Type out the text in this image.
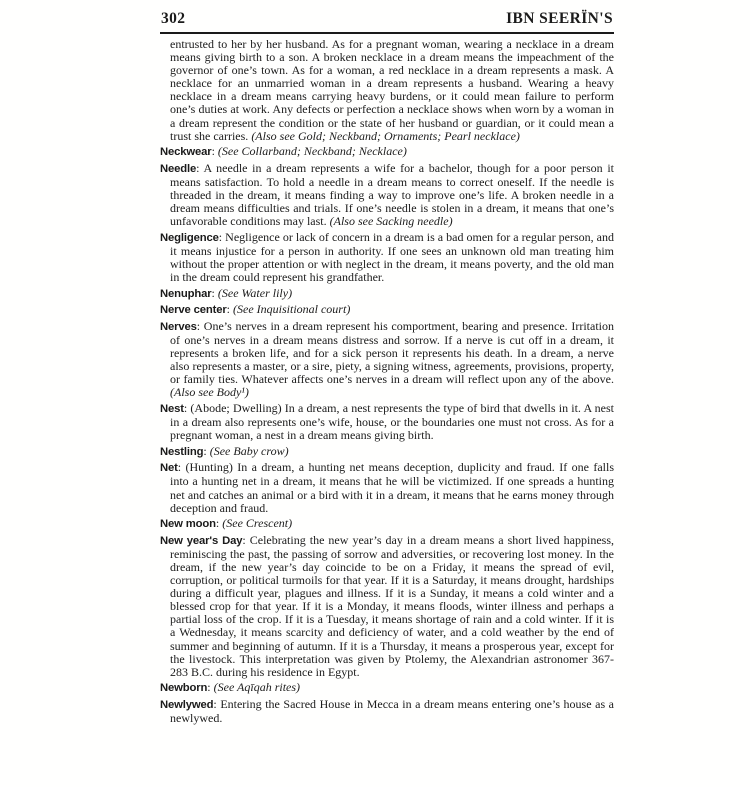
302	IBN SEERÏN'S

entrusted to her by her husband. As for a pregnant woman, wearing a necklace in a dream means giving birth to a son. A broken necklace in a dream means the impeachment of the governor of one’s town. As for a woman, a red necklace in a dream represents a mask. A necklace for an unmarried woman in a dream represents a husband. Wearing a heavy necklace in a dream means carrying heavy burdens, or it could mean failure to perform one’s duties at work. Any defects or perfection a necklace shows when worn by a woman in a dream represent the condition or the state of her husband or guardian, or it could mean a trust she carries. (Also see Gold; Neckband; Ornaments; Pearl necklace)

Neckwear: (See Collarband; Neckband; Necklace)

Needle: A needle in a dream represents a wife for a bachelor, though for a poor person it means satisfaction. To hold a needle in a dream means to correct oneself. If the needle is threaded in the dream, it means finding a way to improve one’s life. A broken needle in a dream means difficulties and trials. If one’s needle is stolen in a dream, it means that one’s unfavorable conditions may last. (Also see Sacking needle)

Negligence: Negligence or lack of concern in a dream is a bad omen for a regular person, and it means injustice for a person in authority. If one sees an unknown old man treating him without the proper attention or with neglect in the dream, it means poverty, and the old man in the dream could represent his grandfather.

Nenuphar: (See Water lily)

Nerve center: (See Inquisitional court)

Nerves: One’s nerves in a dream represent his comportment, bearing and presence. Irritation of one’s nerves in a dream means distress and sorrow. If a nerve is cut off in a dream, it represents a broken life, and for a sick person it represents his death. In a dream, a nerve also represents a master, or a sire, piety, a signing witness, agreements, provisions, property, or family ties. Whatever affects one’s nerves in a dream will reflect upon any of the above. (Also see Body¹)

Nest: (Abode; Dwelling) In a dream, a nest represents the type of bird that dwells in it. A nest in a dream also represents one’s wife, house, or the boundaries one must not cross. As for a pregnant woman, a nest in a dream means giving birth.

Nestling: (See Baby crow)

Net: (Hunting) In a dream, a hunting net means deception, duplicity and fraud. If one falls into a hunting net in a dream, it means that he will be victimized. If one spreads a hunting net and catches an animal or a bird with it in a dream, it means that he earns money through deception and fraud.

New moon: (See Crescent)

New year's Day: Celebrating the new year’s day in a dream means a short lived happiness, reminiscing the past, the passing of sorrow and adversities, or recovering lost money. In the dream, if the new year’s day coincide to be on a Friday, it means the spread of evil, corruption, or political turmoils for that year. If it is a Saturday, it means drought, hardships during a difficult year, plagues and illness. If it is a Sunday, it means a cold winter and a blessed crop for that year. If it is a Monday, it means floods, winter illness and perhaps a partial loss of the crop. If it is a Tuesday, it means shortage of rain and a cold winter. If it is a Wednesday, it means scarcity and deficiency of water, and a cold weather by the end of summer and beginning of autumn. If it is a Thursday, it means a prosperous year, except for the livestock. This interpretation was given by Ptolemy, the Alexandrian astronomer 367-283 B.C. during his residence in Egypt.

Newborn: (See Aqīqah rites)

Newlywed: Entering the Sacred House in Mecca in a dream means entering one’s house as a newlywed.
